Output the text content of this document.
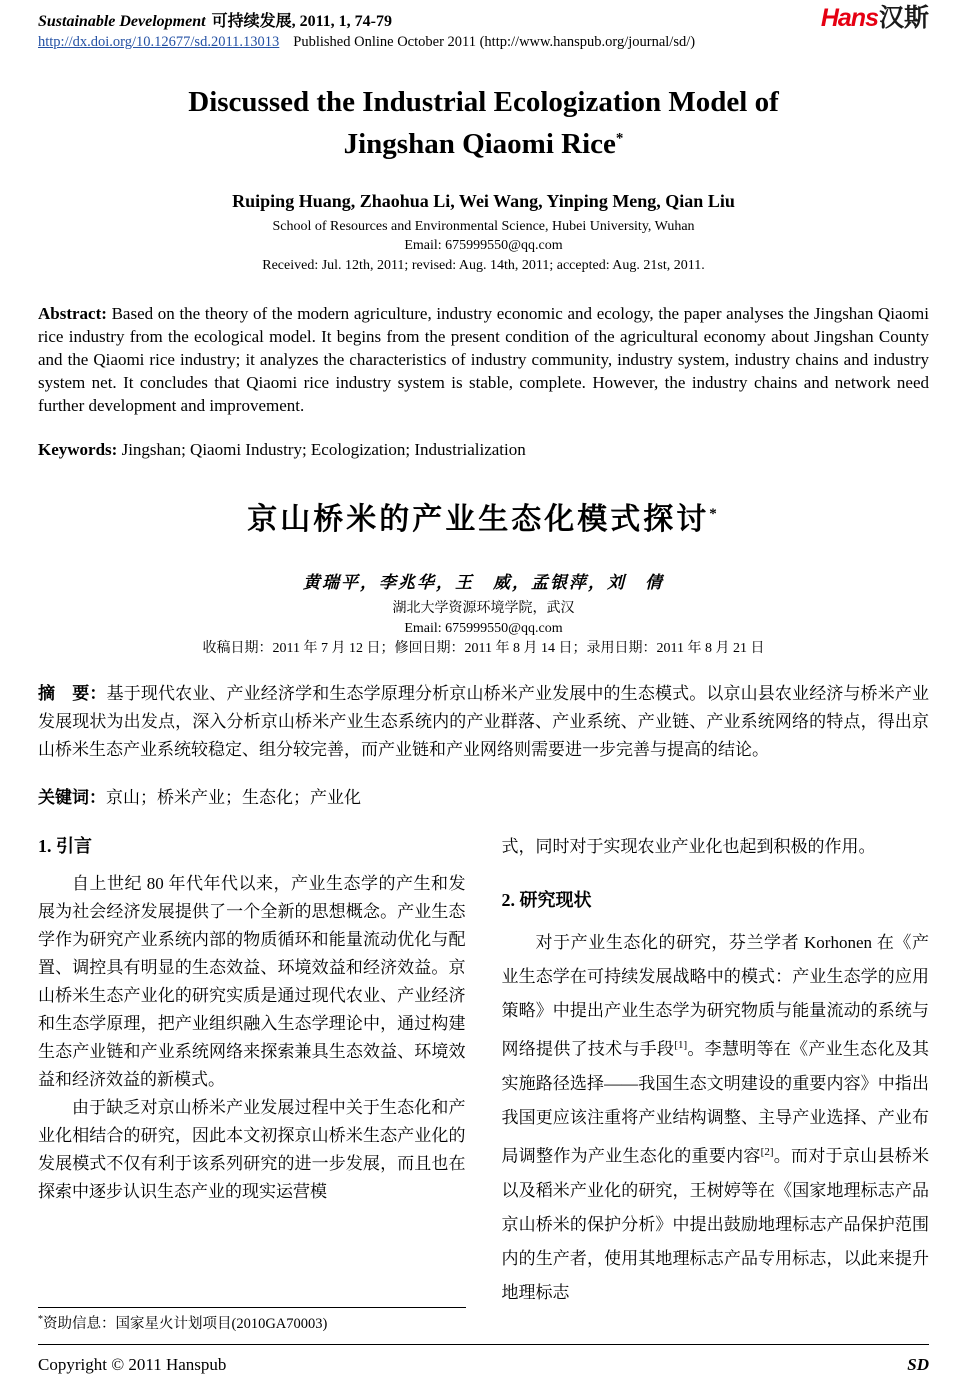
Sustainable Development 可持续发展, 2011, 1, 74-79	Hans汉斯
http://dx.doi.org/10.12677/sd.2011.13013 Published Online October 2011 (http://www.hanspub.org/journal/sd/)
Discussed the Industrial Ecologization Model of
Jingshan Qiaomi Rice*
Ruiping Huang, Zhaohua Li, Wei Wang, Yinping Meng, Qian Liu
School of Resources and Environmental Science, Hubei University, Wuhan
Email: 675999550@qq.com
Received: Jul. 12th, 2011; revised: Aug. 14th, 2011; accepted: Aug. 21st, 2011.

Abstract: Based on the theory of the modern agriculture, industry economic and ecology, the paper analyses the Jingshan Qiaomi rice industry from the ecological model. It begins from the present condition of the agricultural economy about Jingshan County and the Qiaomi rice industry; it analyzes the characteristics of industry community, industry system, industry chains and industry system net. It concludes that Qiaomi rice industry system is stable, complete. However, the industry chains and network need further development and improvement.

Keywords: Jingshan; Qiaomi Industry; Ecologization; Industrialization

京山桥米的产业生态化模式探讨*
黄瑞平，李兆华，王　威，孟银萍，刘　倩
湖北大学资源环境学院，武汉
Email: 675999550@qq.com
收稿日期：2011 年 7 月 12 日；修回日期：2011 年 8 月 14 日；录用日期：2011 年 8 月 21 日

摘　要：基于现代农业、产业经济学和生态学原理分析京山桥米产业发展中的生态模式。以京山县农业经济与桥米产业发展现状为出发点，深入分析京山桥米产业生态系统内的产业群落、产业系统、产业链、产业系统网络的特点，得出京山桥米生态产业系统较稳定、组分较完善，而产业链和产业网络则需要进一步完善与提高的结论。

关键词：京山；桥米产业；生态化；产业化

1. 引言

自上世纪 80 年代年代以来，产业生态学的产生和发展为社会经济发展提供了一个全新的思想概念。产业生态学作为研究产业系统内部的物质循环和能量流动优化与配置、调控具有明显的生态效益、环境效益和经济效益。京山桥米生态产业化的研究实质是通过现代农业、产业经济和生态学原理，把产业组织融入生态学理论中，通过构建生态产业链和产业系统网络来探索兼具生态效益、环境效益和经济效益的新模式。

由于缺乏对京山桥米产业发展过程中关于生态化和产业化相结合的研究，因此本文初探京山桥米生态产业化的发展模式不仅有利于该系列研究的进一步发展，而且也在探索中逐步认识生态产业的现实运营模

*资助信息：国家星火计划项目(2010GA70003)

式，同时对于实现农业产业化也起到积极的作用。

2. 研究现状

对于产业生态化的研究，芬兰学者 Korhonen 在《产业生态学在可持续发展战略中的模式：产业生态学的应用策略》中提出产业生态学为研究物质与能量流动的系统与网络提供了技术与手段[1]。李慧明等在《产业生态化及其实施路径选择——我国生态文明建设的重要内容》中指出我国更应该注重将产业结构调整、主导产业选择、产业布局调整作为产业生态化的重要内容[2]。而对于京山县桥米以及稻米产业化的研究，王树婷等在《国家地理标志产品京山桥米的保护分析》中提出鼓励地理标志产品保护范围内的生产者，使用其地理标志产品专用标志，以此来提升地理标志

Copyright © 2011 Hanspub	SD
